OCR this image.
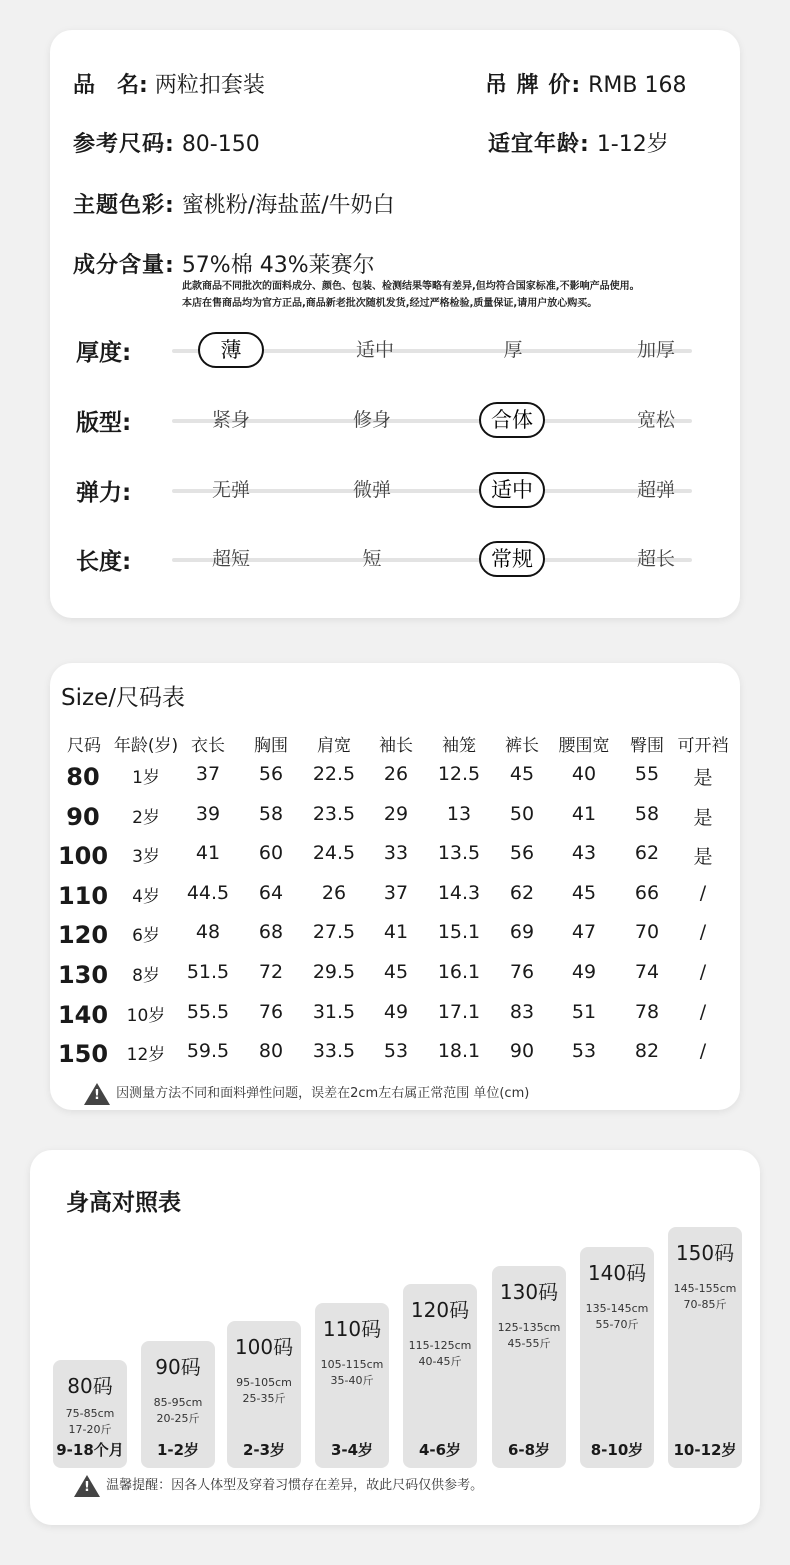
品　名: 两粒扣套装	吊 牌 价: RMB 168
参考尺码: 80-150	适宜年龄: 1-12岁
主题色彩: 蜜桃粉/海盐蓝/牛奶白
成分含量: 57%棉 43%莱赛尔
此款商品不同批次的面料成分、颜色、包装、检测结果等略有差异,但均符合国家标准,不影响产品使用。
本店在售商品均为官方正品,商品新老批次随机发货,经过严格检验,质量保证,请用户放心购买。
厚度:	薄	适中	厚	加厚
版型:	紧身	修身	合体	宽松
弹力:	无弹	微弹	适中	超弹
长度:	超短	短	常规	超长
Size/尺码表
尺码 年龄(岁) 衣长 胸围 肩宽 袖长 袖笼 裤长 腰围宽 臀围 可开裆
80 1岁 37 56 22.5 26 12.5 45 40 55 是
90 2岁 39 58 23.5 29 13 50 41 58 是
100 3岁 41 60 24.5 33 13.5 56 43 62 是
110 4岁 44.5 64 26 37 14.3 62 45 66 /
120 6岁 48 68 27.5 41 15.1 69 47 70 /
130 8岁 51.5 72 29.5 45 16.1 76 49 74 /
140 10岁 55.5 76 31.5 49 17.1 83 51 78 /
150 12岁 59.5 80 33.5 53 18.1 90 53 82 /
! 因测量方法不同和面料弹性问题，误差在2cm左右属正常范围 单位(cm)
身高对照表
80码
75-85cm
17-20斤
9-18个月
90码
85-95cm
20-25斤
1-2岁
100码
95-105cm
25-35斤
2-3岁
110码
105-115cm
35-40斤
3-4岁
120码
115-125cm
40-45斤
4-6岁
130码
125-135cm
45-55斤
6-8岁
140码
135-145cm
55-70斤
8-10岁
150码
145-155cm
70-85斤
10-12岁
! 温馨提醒：因各人体型及穿着习惯存在差异，故此尺码仅供参考。
